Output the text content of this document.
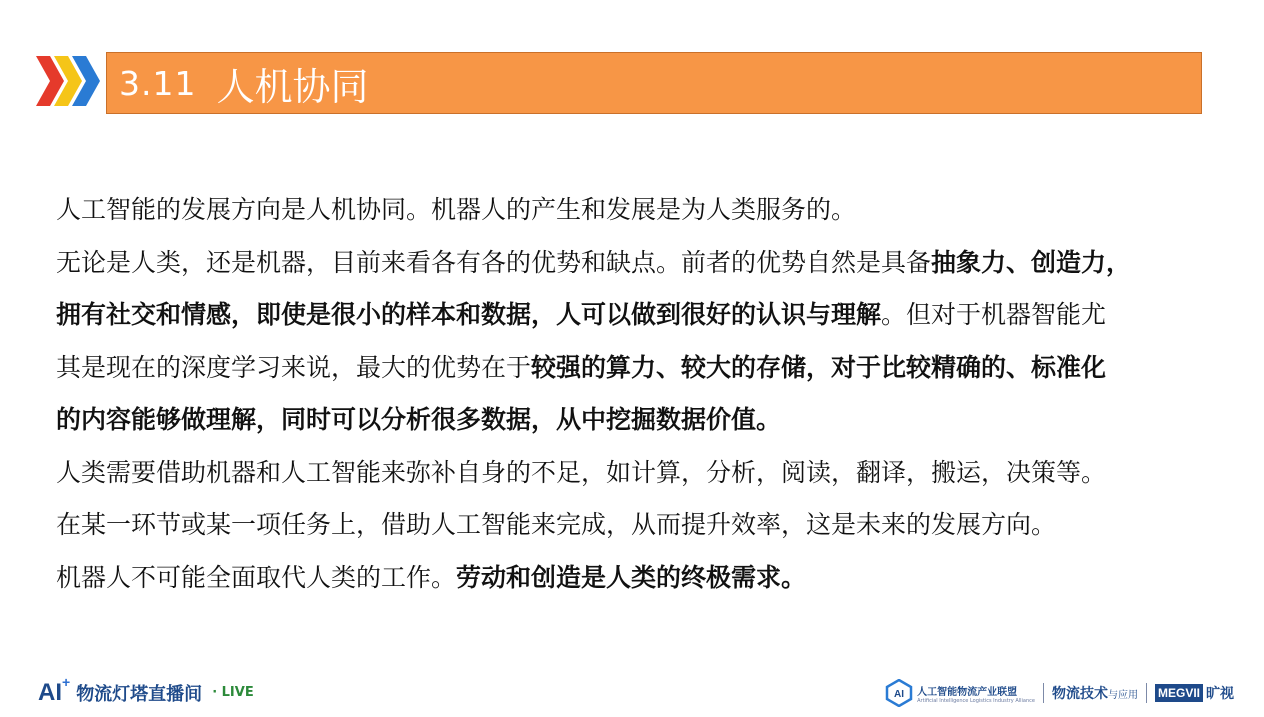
3.11 人机协同

人工智能的发展方向是人机协同。机器人的产生和发展是为人类服务的。

无论是人类，还是机器，目前来看各有各的优势和缺点。前者的优势自然是具备抽象力、创造力，

拥有社交和情感，即使是很小的样本和数据，人可以做到很好的认识与理解。但对于机器智能尤

其是现在的深度学习来说，最大的优势在于较强的算力、较大的存储，对于比较精确的、标准化

的内容能够做理解，同时可以分析很多数据，从中挖掘数据价值。

人类需要借助机器和人工智能来弥补自身的不足，如计算，分析，阅读，翻译，搬运，决策等。

在某一环节或某一项任务上，借助人工智能来完成，从而提升效率，这是未来的发展方向。

机器人不可能全面取代人类的工作。劳动和创造是人类的终极需求。

AI+
物流灯塔直播间 · LIVE	AI 人工智能物流产业联盟
Artificial Intelligence Logistics Industry Alliance 物流技术 与应用 MEGVII 旷视
